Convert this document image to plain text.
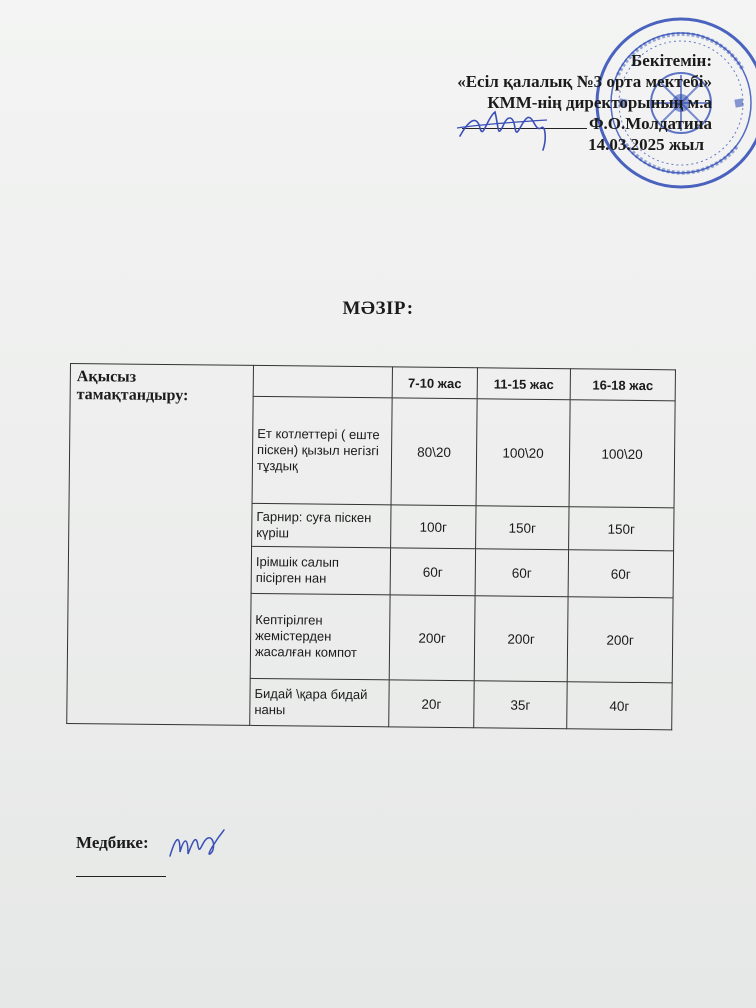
Бекітемін:
«Есіл қалалық №3 орта мектебі»
КММ-нің директорының м.а
Ф.О.Молдатина
14.03.2025 жыл
МӘЗІР:
Ақысыз тамақтандыру:		7-10 жас	11-15 жас	16-18 жас
	Ет котлеттері ( еште піскен) қызыл негізгі тұздық	80\20	100\20	100\20
	Гарнир: суға піскен күріш	100г	150г	150г
	Ірімшік салып пісірген нан	60г	60г	60г
	Кептірілген жемістерден жасалған компот	200г	200г	200г
	Бидай \қара бидай наны	20г	35г	40г
Медбике:
